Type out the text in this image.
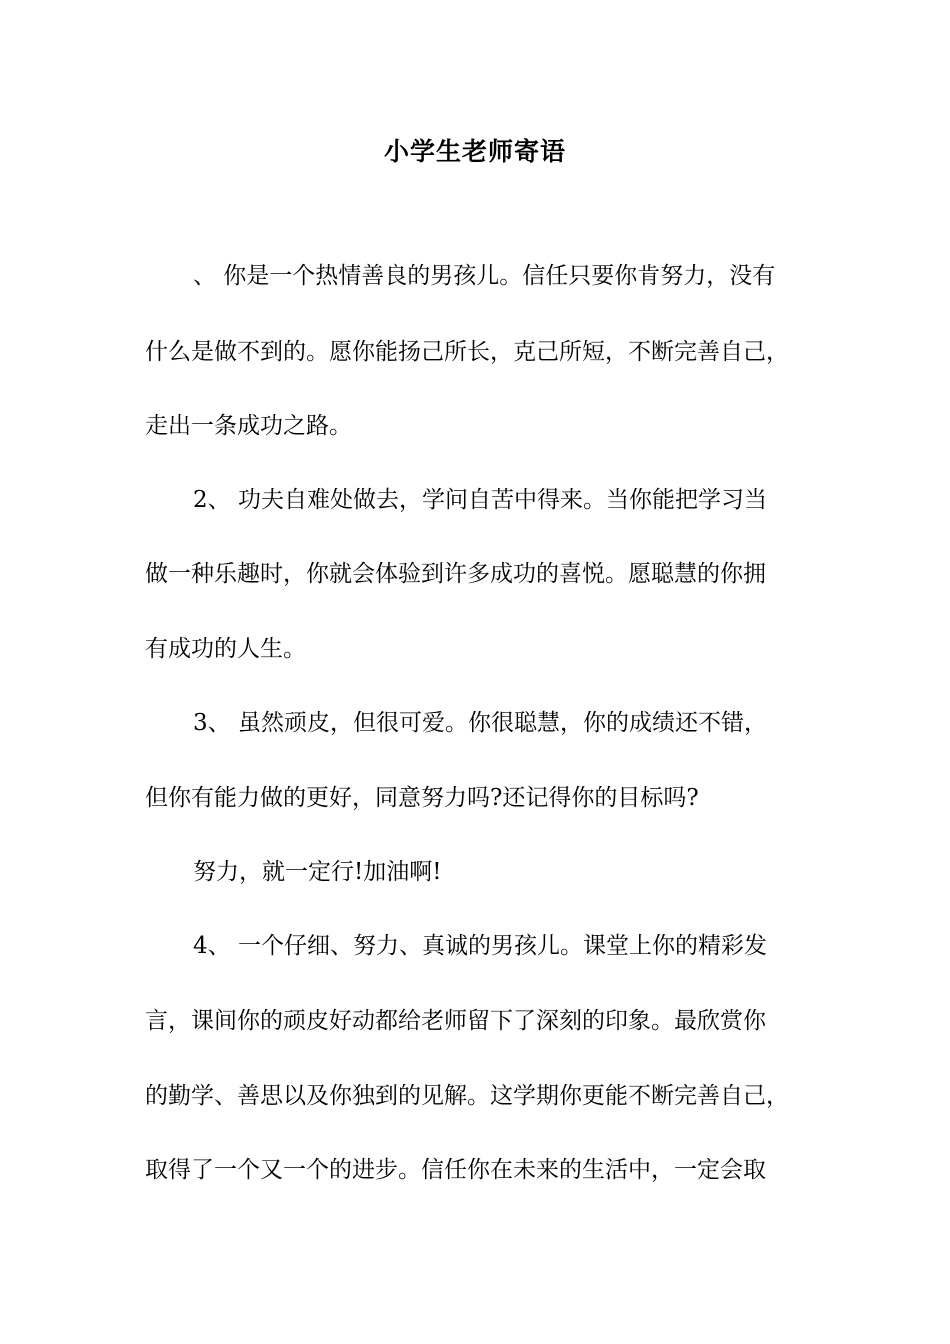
小学生老师寄语
、 你是一个热情善良的男孩儿。信任只要你肯努力，没有
什么是做不到的。愿你能扬己所长，克己所短，不断完善自己，
走出一条成功之路。
2、 功夫自难处做去，学问自苦中得来。当你能把学习当
做一种乐趣时，你就会体验到许多成功的喜悦。愿聪慧的你拥
有成功的人生。
3、 虽然顽皮，但很可爱。你很聪慧，你的成绩还不错，
但你有能力做的更好，同意努力吗?还记得你的目标吗?
努力，就一定行!加油啊!
4、 一个仔细、努力、真诚的男孩儿。课堂上你的精彩发
言，课间你的顽皮好动都给老师留下了深刻的印象。最欣赏你
的勤学、善思以及你独到的见解。这学期你更能不断完善自己，
取得了一个又一个的进步。信任你在未来的生活中，一定会取
